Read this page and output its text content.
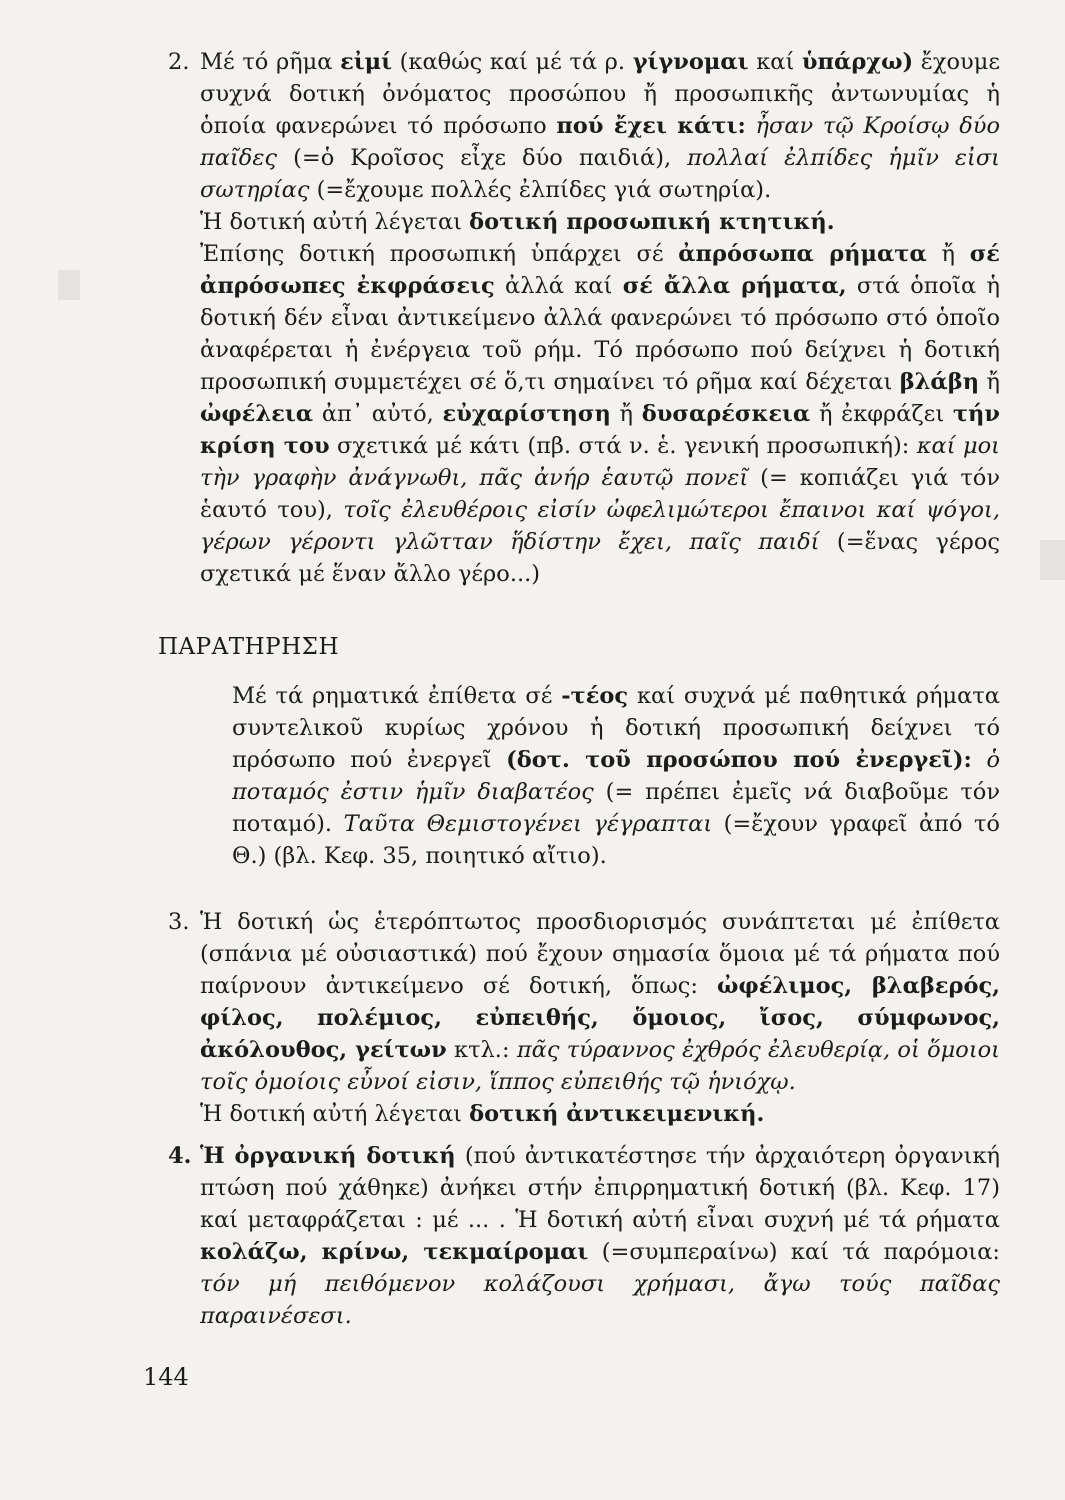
2. Μέ τό ρῆμα εἰμί (καθώς καί μέ τά ρ. γίγνομαι καί ὑπάρχω) ἔχουμε συχνά δοτική ὀνόματος προσώπου ἤ προσωπικῆς ἀντωνυμίας ἡ ὁποία φανερώνει τό πρόσωπο πού ἔχει κάτι: ἦσαν τῷ Κροίσῳ δύο παῖδες (=ὁ Κροῖσος εἶχε δύο παιδιά), πολλαί ἐλπίδες ἡμῖν εἰσι σωτηρίας (=ἔχουμε πολλές ἐλπίδες γιά σωτηρία).
Ἡ δοτική αὐτή λέγεται δοτική προσωπική κτητική.
Ἐπίσης δοτική προσωπική ὑπάρχει σέ ἀπρόσωπα ρήματα ἤ σέ ἀπρόσωπες ἐκφράσεις ἀλλά καί σέ ἄλλα ρήματα, στά ὁποῖα ἡ δοτική δέν εἶναι ἀντικείμενο ἀλλά φανερώνει τό πρόσωπο στό ὁποῖο ἀναφέρεται ἡ ἐνέργεια τοῦ ρήμ. Τό πρόσωπο πού δείχνει ἡ δοτική προσωπική συμμετέχει σέ ὅ,τι σημαίνει τό ρῆμα καί δέχεται βλάβη ἤ ὠφέλεια ἀπ᾽ αὐτό, εὐχαρίστηση ἤ δυσαρέσκεια ἤ ἐκφράζει τήν κρίση του σχετικά μέ κάτι (πβ. στά ν. ἑ. γενική προσωπική): καί μοι τὴν γραφὴν ἀνάγνωθι, πᾶς ἀνήρ ἑαυτῷ πονεῖ (= κοπιάζει γιά τόν ἑαυτό του), τοῖς ἐλευθέροις εἰσίν ὠφελιμώτεροι ἔπαινοι καί ψόγοι, γέρων γέροντι γλῶτταν ἥδίστην ἔχει, παῖς παιδί (=ἕνας γέρος σχετικά μέ ἕναν ἄλλο γέρο...)
ΠΑΡΑΤΗΡΗΣΗ
Μέ τά ρηματικά ἐπίθετα σέ -τέος καί συχνά μέ παθητικά ρήματα συντελικοῦ κυρίως χρόνου ἡ δοτική προσωπική δείχνει τό πρόσωπο πού ἐνεργεῖ (δοτ. τοῦ προσώπου πού ἐνεργεῖ): ὁ ποταμός ἐστιν ἡμῖν διαβατέος (= πρέπει ἐμεῖς νά διαβοῦμε τόν ποταμό). Ταῦτα Θεμιστογένει γέγραπται (=ἔχουν γραφεῖ ἀπό τό Θ.) (βλ. Κεφ. 35, ποιητικό αἴτιο).
3. Ἡ δοτική ὡς ἑτερόπτωτος προσδιορισμός συνάπτεται μέ ἐπίθετα (σπάνια μέ οὐσιαστικά) πού ἔχουν σημασία ὅμοια μέ τά ρήματα πού παίρνουν ἀντικείμενο σέ δοτική, ὅπως: ὠφέλιμος, βλαβερός, φίλος, πολέμιος, εὐπειθής, ὅμοιος, ἴσος, σύμφωνος, ἀκόλουθος, γείτων κτλ.: πᾶς τύραννος ἐχθρός ἐλευθερίᾳ, οἱ ὅμοιοι τοῖς ὁμοίοις εὖνοί εἰσιν, ἵππος εὐπειθής τῷ ἡνιόχῳ.
Ἡ δοτική αὐτή λέγεται δοτική ἀντικειμενική.
4. Ἡ ὀργανική δοτική (πού ἀντικατέστησε τήν ἀρχαιότερη ὀργανική πτώση πού χάθηκε) ἀνήκει στήν ἐπιρρηματική δοτική (βλ. Κεφ. 17) καί μεταφράζεται : μέ ... . Ἡ δοτική αὐτή εἶναι συχνή μέ τά ρήματα κολάζω, κρίνω, τεκμαίρομαι (=συμπεραίνω) καί τά παρόμοια: τόν μή πειθόμενον κολάζουσι χρήμασι, ἄγω τούς παῖδας παραινέσεσι.
144
